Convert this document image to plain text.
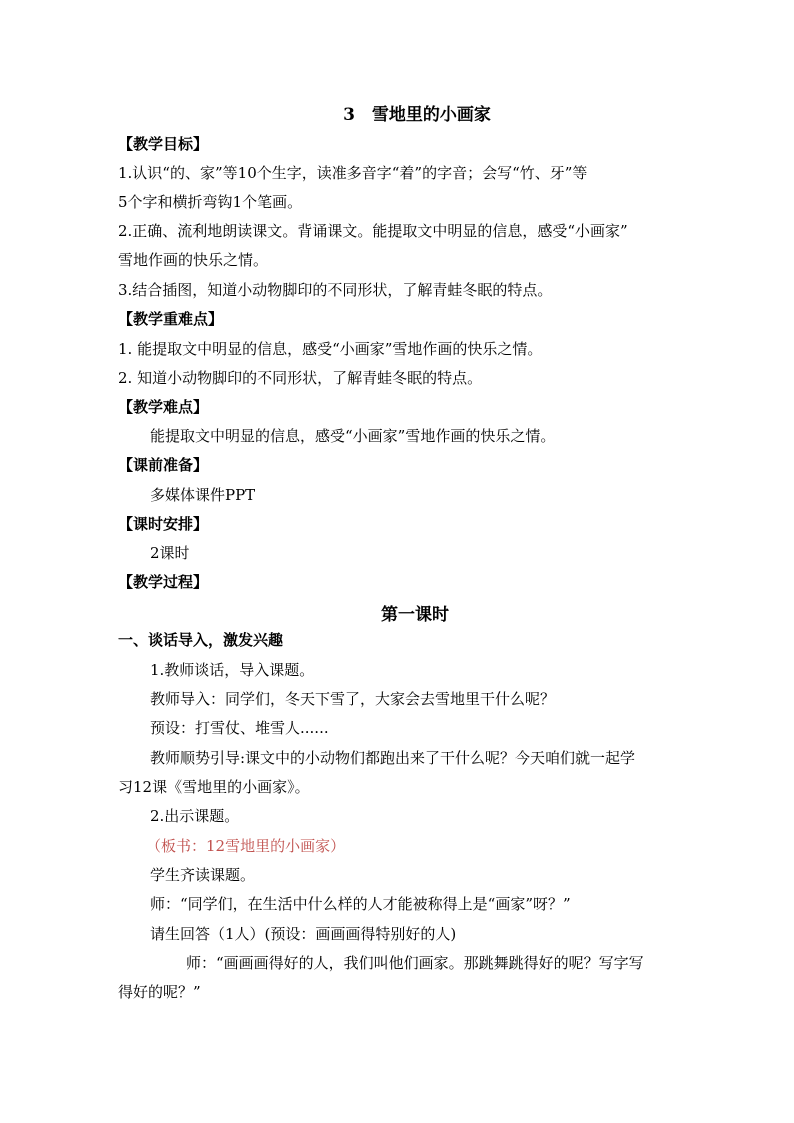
3　雪地里的小画家
【教学目标】
1.认识“的、家”等10个生字，读准多音字“着”的字音；会写“竹、牙”等
5个字和横折弯钩1个笔画。
2.正确、流利地朗读课文。背诵课文。能提取文中明显的信息，感受“小画家”
雪地作画的快乐之情。
3.结合插图，知道小动物脚印的不同形状，了解青蛙冬眠的特点。
【教学重难点】
1. 能提取文中明显的信息，感受“小画家”雪地作画的快乐之情。
2. 知道小动物脚印的不同形状，了解青蛙冬眠的特点。
【教学难点】
能提取文中明显的信息，感受“小画家”雪地作画的快乐之情。
【课前准备】
多媒体课件PPT
【课时安排】
2课时
【教学过程】
第一课时
一、谈话导入，激发兴趣
1.教师谈话，导入课题。
教师导入：同学们，冬天下雪了，大家会去雪地里干什么呢？
预设：打雪仗、堆雪人......
教师顺势引导:课文中的小动物们都跑出来了干什么呢？今天咱们就一起学
习12课《雪地里的小画家》。
2.出示课题。
（板书：12雪地里的小画家）
学生齐读课题。
师：“同学们，在生活中什么样的人才能被称得上是“画家”呀？”
请生回答（1人）(预设：画画画得特别好的人)
师：“画画画得好的人，我们叫他们画家。那跳舞跳得好的呢？写字写
得好的呢？”
